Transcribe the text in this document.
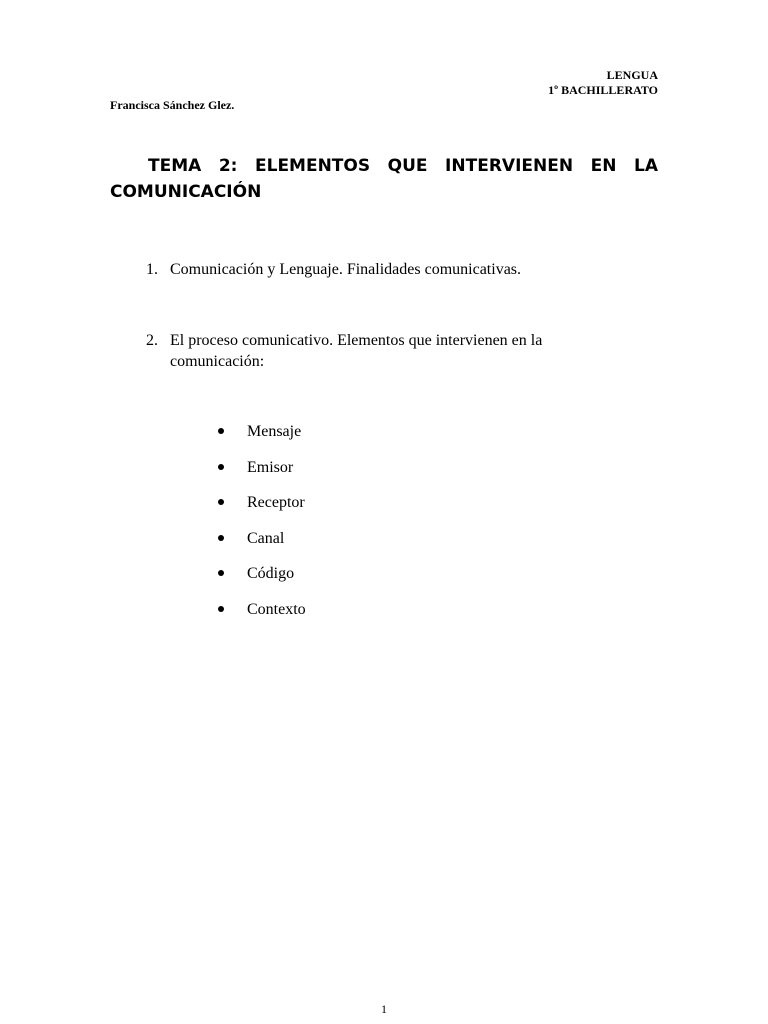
LENGUA
1º BACHILLERATO
Francisca Sánchez Glez.
TEMA 2: ELEMENTOS QUE INTERVIENEN EN LA COMUNICACIÓN
1. Comunicación y Lenguaje. Finalidades comunicativas.
2. El proceso comunicativo. Elementos que intervienen en la comunicación:
Mensaje
Emisor
Receptor
Canal
Código
Contexto
1
